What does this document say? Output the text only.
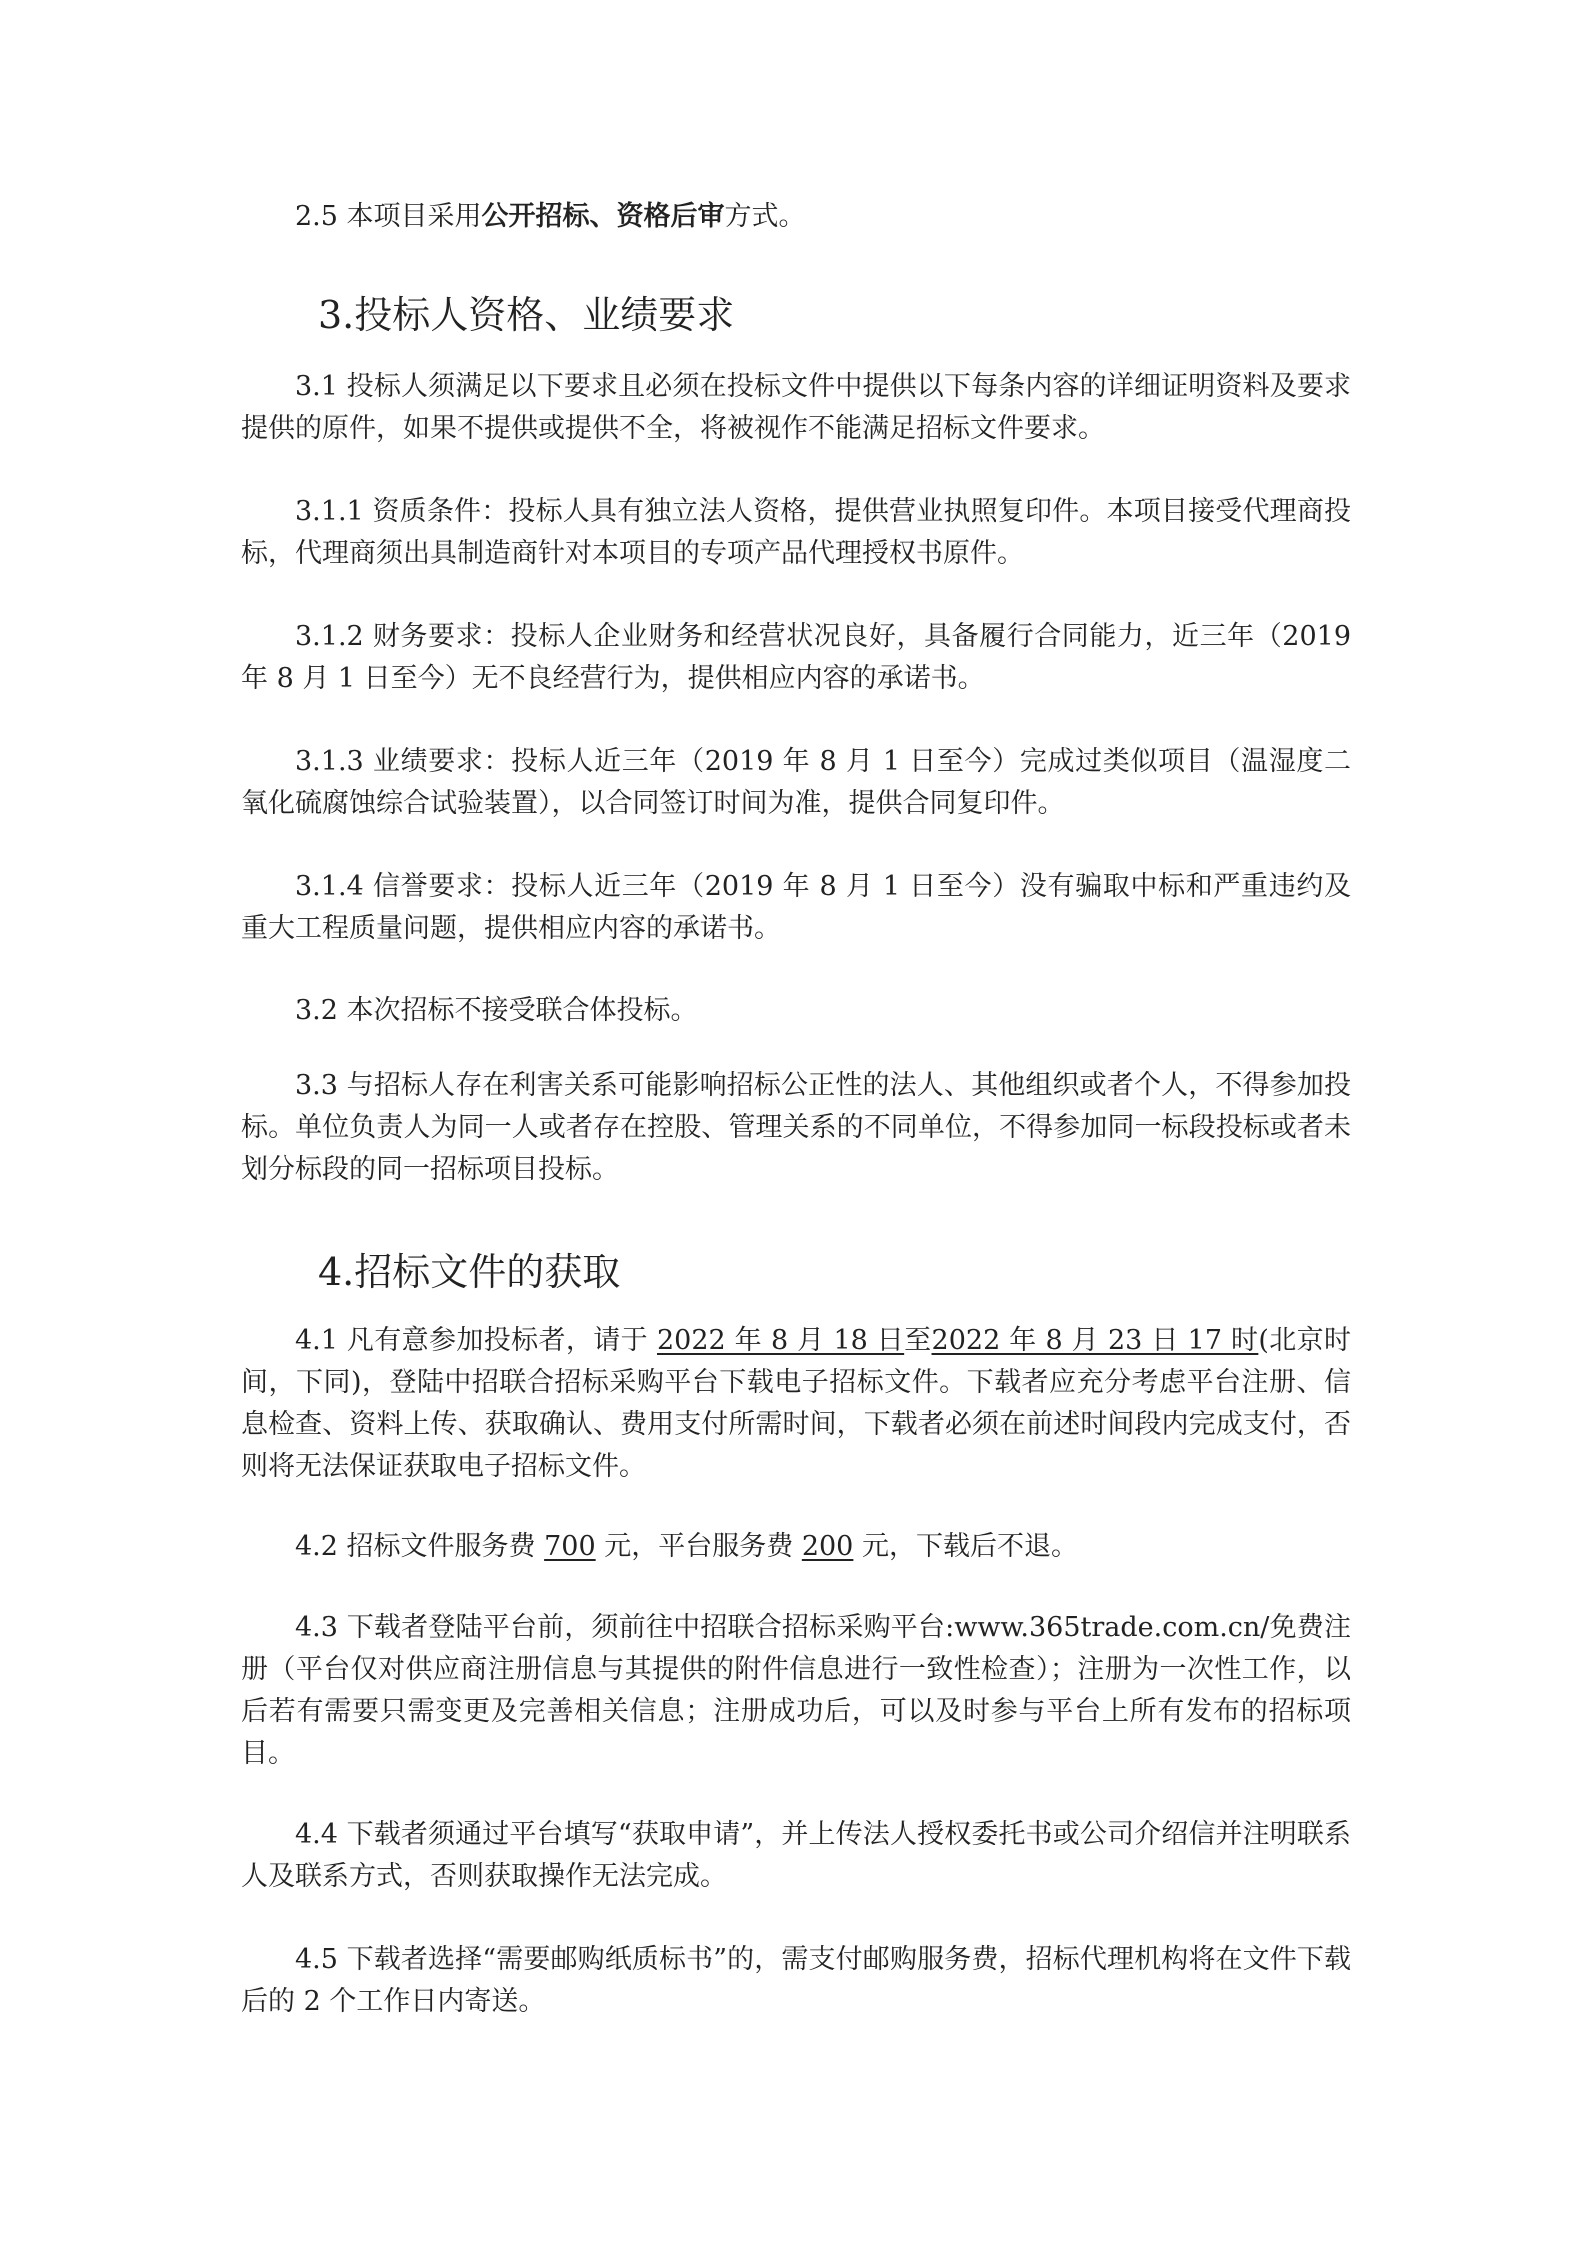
2.5 本项目采用公开招标、资格后审方式。

3.投标人资格、业绩要求

3.1 投标人须满足以下要求且必须在投标文件中提供以下每条内容的详细证明资料及要求提供的原件，如果不提供或提供不全，将被视作不能满足招标文件要求。

3.1.1 资质条件：投标人具有独立法人资格，提供营业执照复印件。本项目接受代理商投标，代理商须出具制造商针对本项目的专项产品代理授权书原件。

3.1.2 财务要求：投标人企业财务和经营状况良好，具备履行合同能力，近三年（2019年 8 月 1 日至今）无不良经营行为，提供相应内容的承诺书。

3.1.3 业绩要求：投标人近三年（2019 年 8 月 1 日至今）完成过类似项目（温湿度二氧化硫腐蚀综合试验装置），以合同签订时间为准，提供合同复印件。

3.1.4 信誉要求：投标人近三年（2019 年 8 月 1 日至今）没有骗取中标和严重违约及重大工程质量问题，提供相应内容的承诺书。

3.2 本次招标不接受联合体投标。

3.3 与招标人存在利害关系可能影响招标公正性的法人、其他组织或者个人，不得参加投标。单位负责人为同一人或者存在控股、管理关系的不同单位，不得参加同一标段投标或者未划分标段的同一招标项目投标。

4.招标文件的获取

4.1 凡有意参加投标者，请于 2022 年 8 月 18 日至2022 年 8 月 23 日 17 时(北京时间，下同)，登陆中招联合招标采购平台下载电子招标文件。下载者应充分考虑平台注册、信息检查、资料上传、获取确认、费用支付所需时间，下载者必须在前述时间段内完成支付，否则将无法保证获取电子招标文件。

4.2 招标文件服务费 700 元，平台服务费 200 元，下载后不退。

4.3 下载者登陆平台前，须前往中招联合招标采购平台:www.365trade.com.cn/免费注册（平台仅对供应商注册信息与其提供的附件信息进行一致性检查）；注册为一次性工作，以后若有需要只需变更及完善相关信息；注册成功后，可以及时参与平台上所有发布的招标项目。

4.4 下载者须通过平台填写“获取申请”，并上传法人授权委托书或公司介绍信并注明联系人及联系方式，否则获取操作无法完成。

4.5 下载者选择“需要邮购纸质标书”的，需支付邮购服务费，招标代理机构将在文件下载后的 2 个工作日内寄送。
